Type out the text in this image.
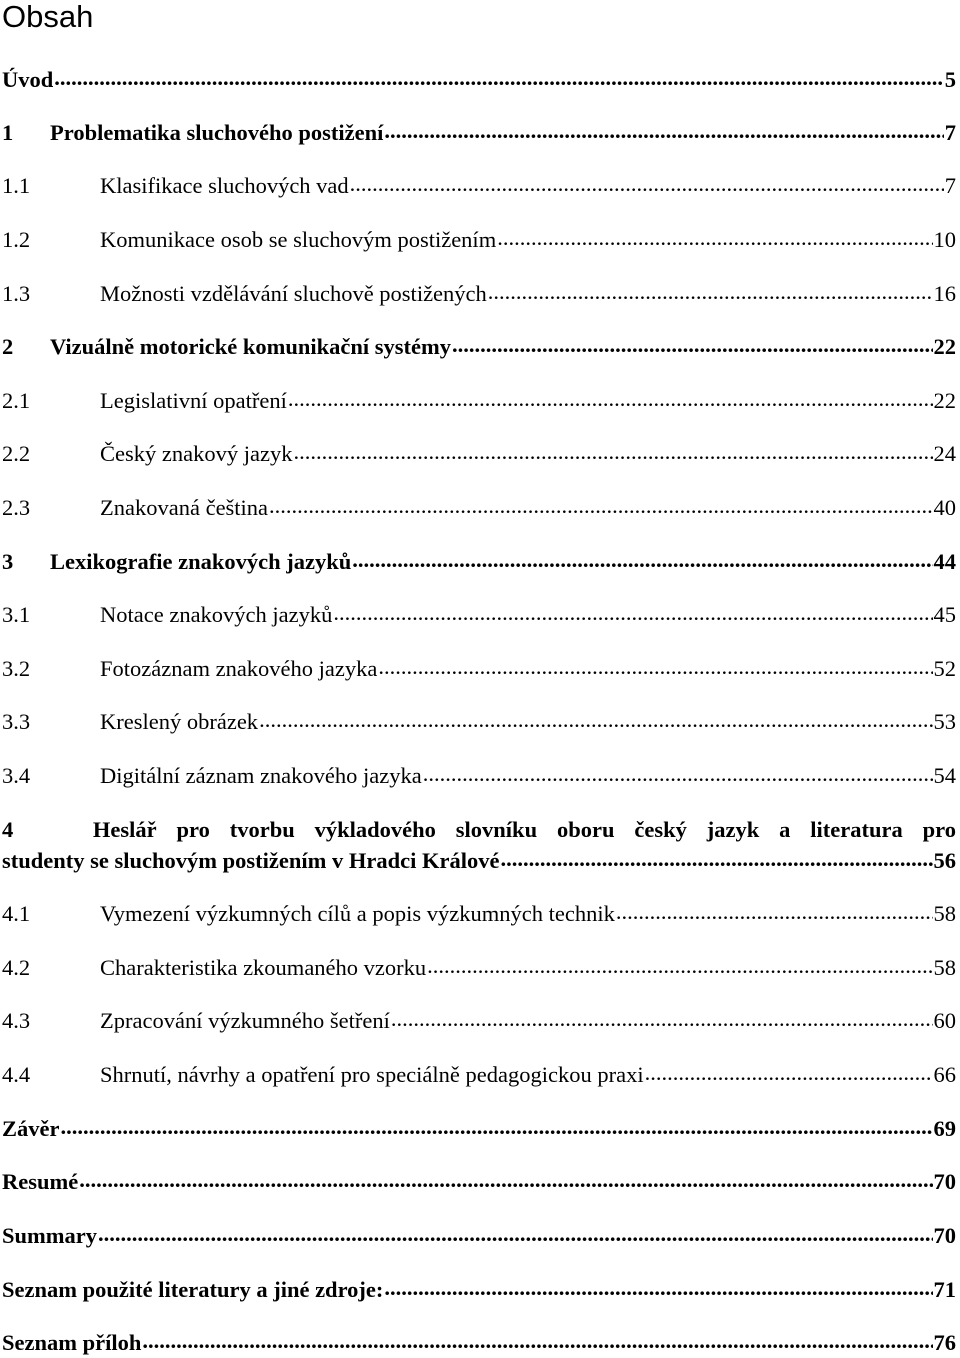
Obsah
Úvod .....	5
1	Problematika sluchového postižení .....	7
1.1	Klasifikace sluchových vad .....	7
1.2	Komunikace osob se sluchovým postižením .....	10
1.3	Možnosti vzdělávání sluchově postižených .....	16
2	Vizuálně motorické komunikační systémy .....	22
2.1	Legislativní opatření .....	22
2.2	Český znakový jazyk .....	24
2.3	Znakovaná čeština .....	40
3	Lexikografie znakových jazyků .....	44
3.1	Notace znakových jazyků .....	45
3.2	Fotozáznam znakového jazyka .....	52
3.3	Kreslený obrázek .....	53
3.4	Digitální záznam znakového jazyka .....	54
4	Heslář pro tvorbu výkladového slovníku oboru český jazyk a literatura pro
studenty se sluchovým postižením v Hradci Králové .....	56
4.1	Vymezení výzkumných cílů a popis výzkumných technik .....	58
4.2	Charakteristika zkoumaného vzorku .....	58
4.3	Zpracování výzkumného šetření .....	60
4.4	Shrnutí, návrhy a opatření pro speciálně pedagogickou praxi .....	66
Závěr .....	69
Resumé .....	70
Summary .....	70
Seznam použité literatury a jiné zdroje: .....	71
Seznam příloh .....	76
